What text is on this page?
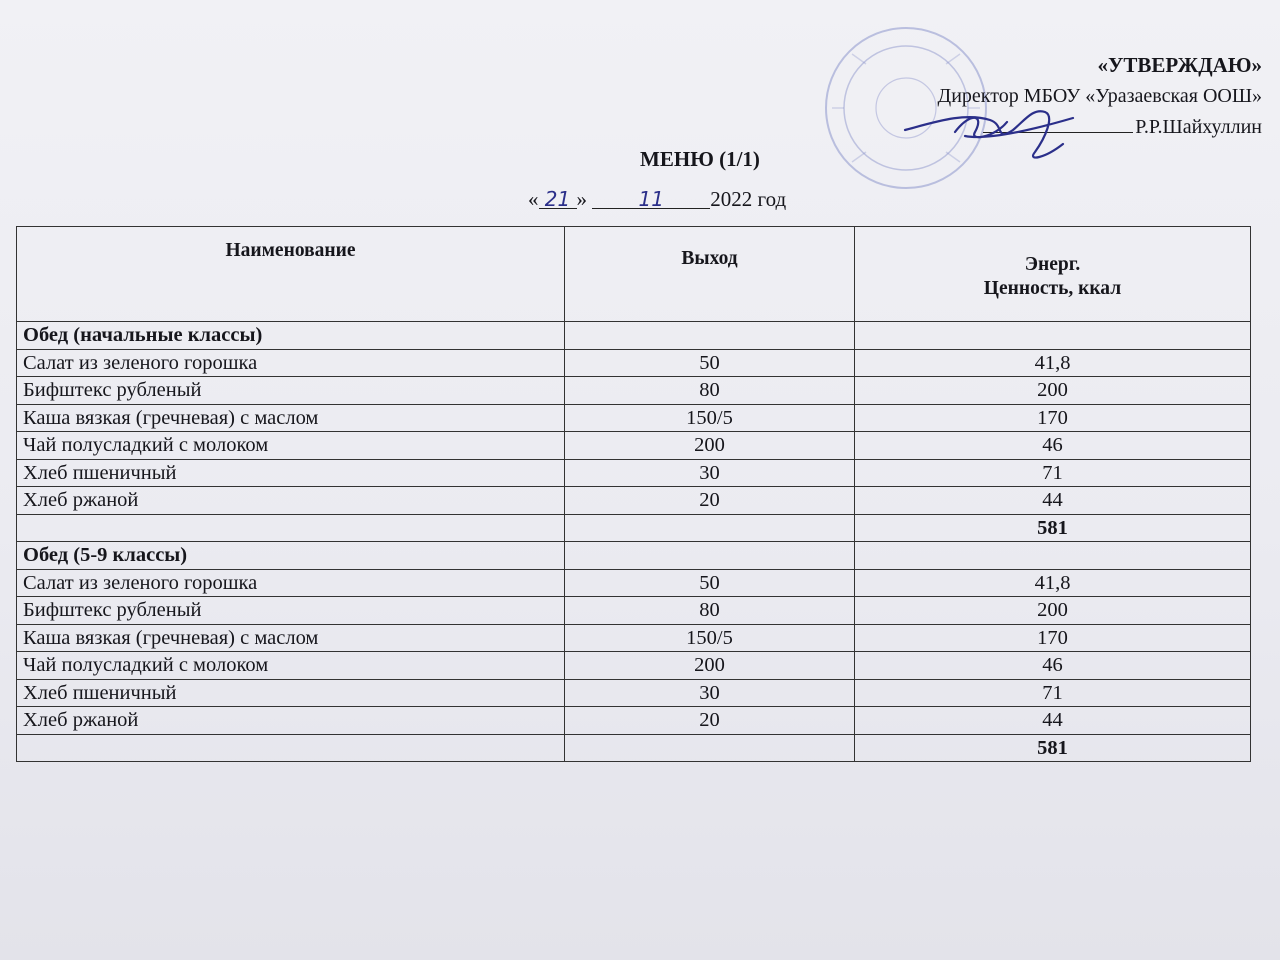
«УТВЕРЖДАЮ»
Директор МБОУ «Уразаевская ООШ»
Р.Р.Шайхуллин
МЕНЮ (1/1)
« 21 »	11 2022 год
Наименование	Выход	Энерг.
Ценность, ккал

Обед (начальные классы)		
Салат из зеленого горошка	50	41,8
Бифштекс рубленый	80	200
Каша вязкая (гречневая) с маслом	150/5	170
Чай полусладкий с молоком	200	46
Хлеб пшеничный	30	71
Хлеб ржаной	20	44
		581
Обед (5-9 классы)		
Салат из зеленого горошка	50	41,8
Бифштекс рубленый	80	200
Каша вязкая (гречневая) с маслом	150/5	170
Чай полусладкий с молоком	200	46
Хлеб пшеничный	30	71
Хлеб ржаной	20	44
		581
